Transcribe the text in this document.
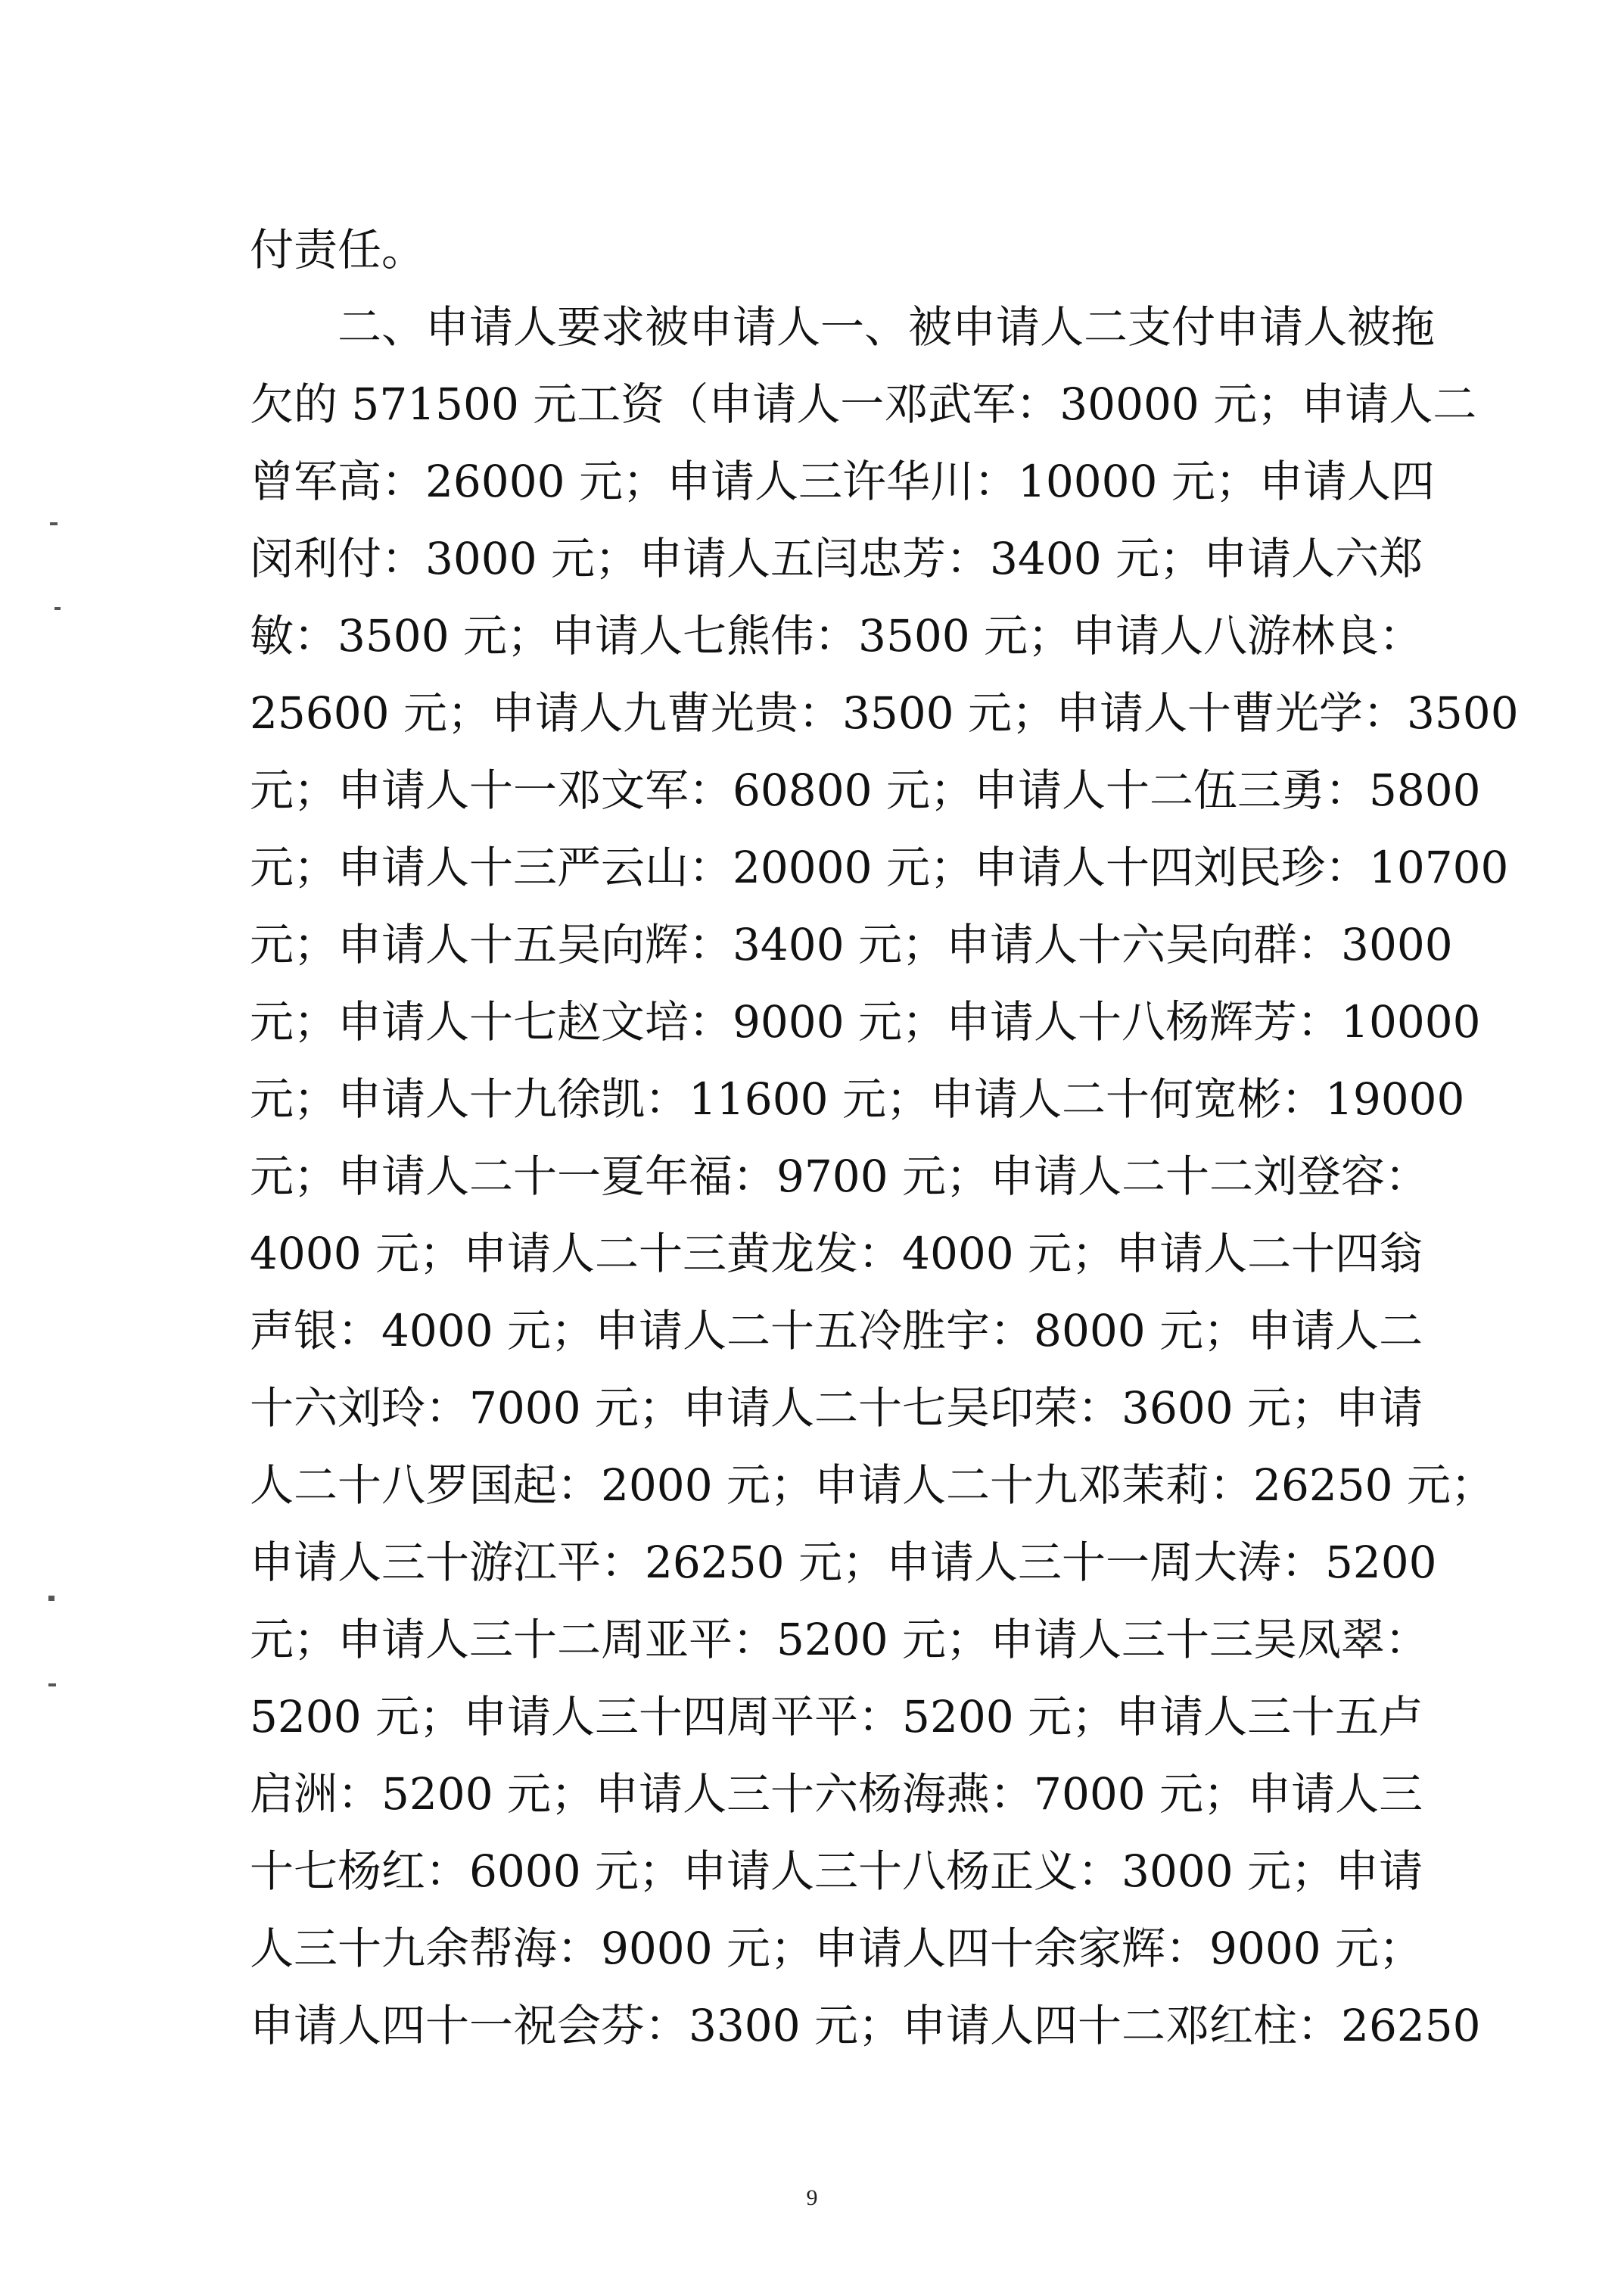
付责任。
二、申请人要求被申请人一、被申请人二支付申请人被拖
欠的 571500 元工资（申请人一邓武军：30000 元；申请人二
曾军高：26000 元；申请人三许华川：10000 元；申请人四
闵利付：3000 元；申请人五闫忠芳：3400 元；申请人六郑
敏：3500 元；申请人七熊伟：3500 元；申请人八游林良：
25600 元；申请人九曹光贵：3500 元；申请人十曹光学：3500
元；申请人十一邓文军：60800 元；申请人十二伍三勇：5800
元；申请人十三严云山：20000 元；申请人十四刘民珍：10700
元；申请人十五吴向辉：3400 元；申请人十六吴向群：3000
元；申请人十七赵文培：9000 元；申请人十八杨辉芳：10000
元；申请人十九徐凯：11600 元；申请人二十何宽彬：19000
元；申请人二十一夏年福：9700 元；申请人二十二刘登容：
4000 元；申请人二十三黄龙发：4000 元；申请人二十四翁
声银：4000 元；申请人二十五冷胜宇：8000 元；申请人二
十六刘玲：7000 元；申请人二十七吴印荣：3600 元；申请
人二十八罗国起：2000 元；申请人二十九邓茉莉：26250 元；
申请人三十游江平：26250 元；申请人三十一周大涛：5200
元；申请人三十二周亚平：5200 元；申请人三十三吴凤翠：
5200 元；申请人三十四周平平：5200 元；申请人三十五卢
启洲：5200 元；申请人三十六杨海燕：7000 元；申请人三
十七杨红：6000 元；申请人三十八杨正义：3000 元；申请
人三十九余帮海：9000 元；申请人四十余家辉：9000 元；
申请人四十一祝会芬：3300 元；申请人四十二邓红柱：26250
9
